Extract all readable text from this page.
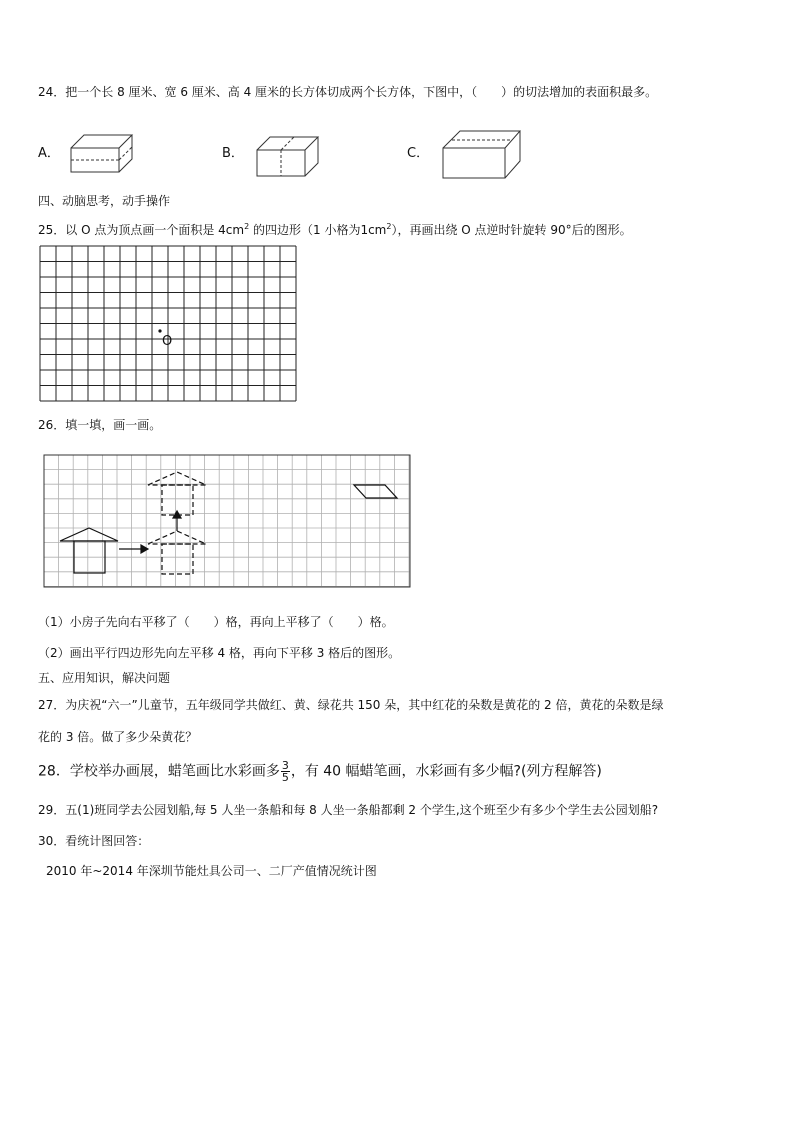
24．把一个长 8 厘米、宽 6 厘米、高 4 厘米的长方体切成两个长方体，下图中，（　　）的切法增加的表面积最多。
A．	B．	C．
四、动脑思考，动手操作
25．以 O 点为顶点画一个面积是 $4cm^2$ 的四边形（1 小格为$1cm^2$），再画出绕 O 点逆时针旋转 90°后的图形。
O
26．填一填，画一画。
（1）小房子先向右平移了（　　）格，再向上平移了（　　）格。
（2）画出平行四边形先向左平移 4 格，再向下平移 3 格后的图形。
五、应用知识，解决问题
27．为庆祝“六一”儿童节，五年级同学共做红、黄、绿花共 150 朵，其中红花的朵数是黄花的 2 倍，黄花的朵数是绿
花的 3 倍。做了多少朵黄花？
28．学校举办画展，蜡笔画比水彩画多 $\frac{3}{5}$ ，有 40 幅蜡笔画，水彩画有多少幅?(列方程解答)
29．五(1)班同学去公园划船,每 5 人坐一条船和每 8 人坐一条船都剩 2 个学生,这个班至少有多少个学生去公园划船?
30．看统计图回答：
2010 年~2014 年深圳节能灶具公司一、二厂产值情况统计图
